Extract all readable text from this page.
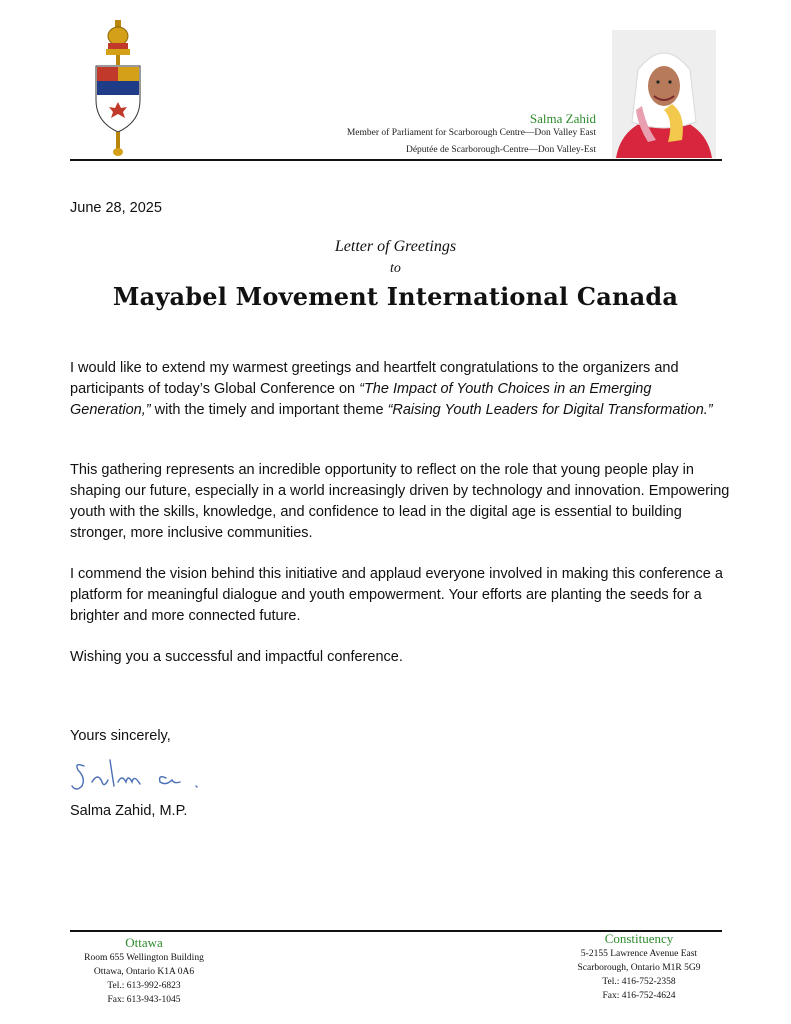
Salma Zahid
Member of Parliament for Scarborough Centre—Don Valley East
Députée de Scarborough-Centre—Don Valley-Est
June 28, 2025
Letter of Greetings
to
Mayabel Movement International Canada
I would like to extend my warmest greetings and heartfelt congratulations to the organizers and participants of today’s Global Conference on “The Impact of Youth Choices in an Emerging Generation,” with the timely and important theme “Raising Youth Leaders for Digital Transformation.”
This gathering represents an incredible opportunity to reflect on the role that young people play in shaping our future, especially in a world increasingly driven by technology and innovation. Empowering youth with the skills, knowledge, and confidence to lead in the digital age is essential to building stronger, more inclusive communities.
I commend the vision behind this initiative and applaud everyone involved in making this conference a platform for meaningful dialogue and youth empowerment. Your efforts are planting the seeds for a brighter and more connected future.
Wishing you a successful and impactful conference.
Yours sincerely,
Salma Zahid, M.P.
Ottawa
Room 655 Wellington Building
Ottawa, Ontario K1A 0A6
Tel.: 613-992-6823
Fax: 613-943-1045
Constituency
5-2155 Lawrence Avenue East
Scarborough, Ontario M1R 5G9
Tel.: 416-752-2358
Fax: 416-752-4624
